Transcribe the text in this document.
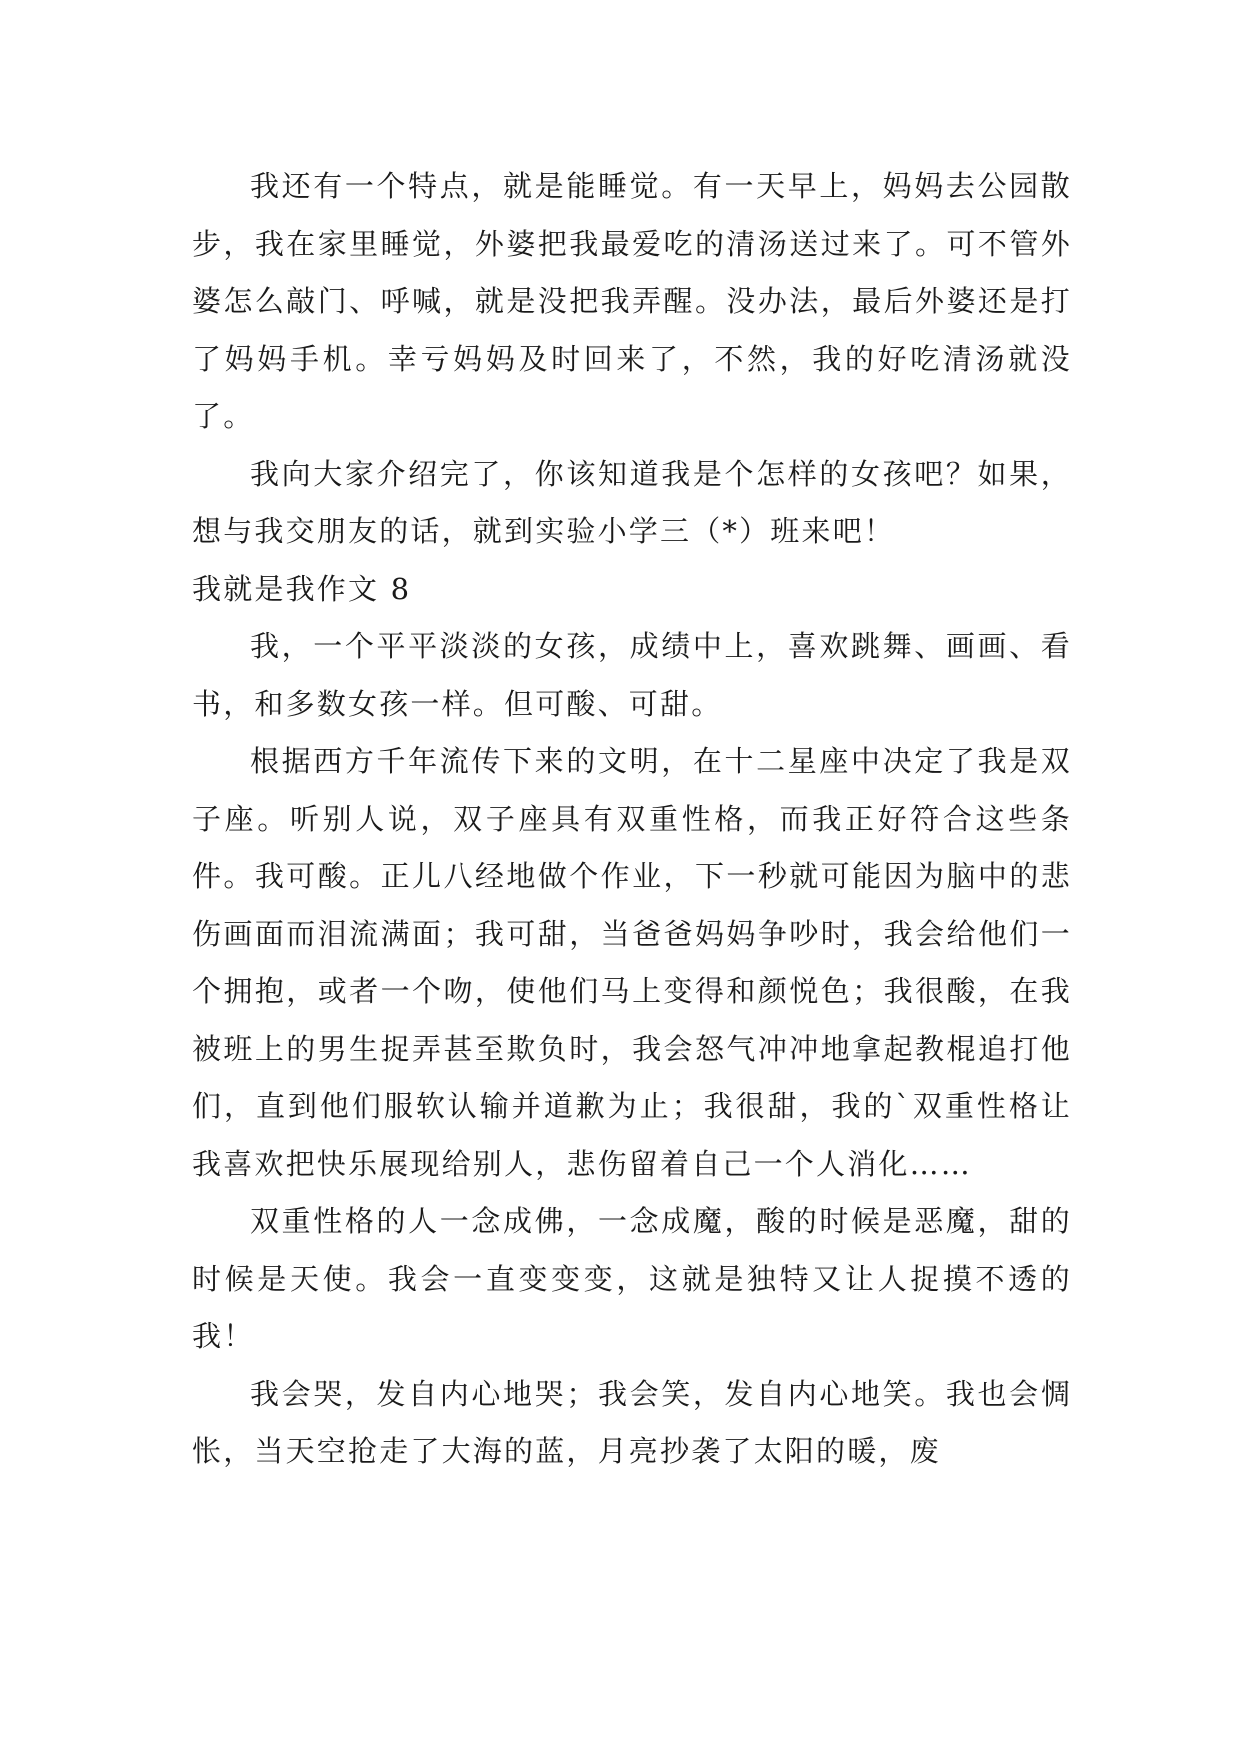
我还有一个特点，就是能睡觉。有一天早上，妈妈去公园散步，我在家里睡觉，外婆把我最爱吃的清汤送过来了。可不管外婆怎么敲门、呼喊，就是没把我弄醒。没办法，最后外婆还是打了妈妈手机。幸亏妈妈及时回来了，不然，我的好吃清汤就没了。

我向大家介绍完了，你该知道我是个怎样的女孩吧？如果，想与我交朋友的话，就到实验小学三（*）班来吧！

我就是我作文 8

我，一个平平淡淡的女孩，成绩中上，喜欢跳舞、画画、看书，和多数女孩一样。但可酸、可甜。

根据西方千年流传下来的文明，在十二星座中决定了我是双子座。听别人说，双子座具有双重性格，而我正好符合这些条件。我可酸。正儿八经地做个作业，下一秒就可能因为脑中的悲伤画面而泪流满面；我可甜，当爸爸妈妈争吵时，我会给他们一个拥抱，或者一个吻，使他们马上变得和颜悦色；我很酸，在我被班上的男生捉弄甚至欺负时，我会怒气冲冲地拿起教棍追打他们，直到他们服软认输并道歉为止；我很甜，我的`双重性格让我喜欢把快乐展现给别人，悲伤留着自己一个人消化……

双重性格的人一念成佛，一念成魔，酸的时候是恶魔，甜的时候是天使。我会一直变变变，这就是独特又让人捉摸不透的我！

我会哭，发自内心地哭；我会笑，发自内心地笑。我也会惆怅，当天空抢走了大海的蓝，月亮抄袭了太阳的暖，废
